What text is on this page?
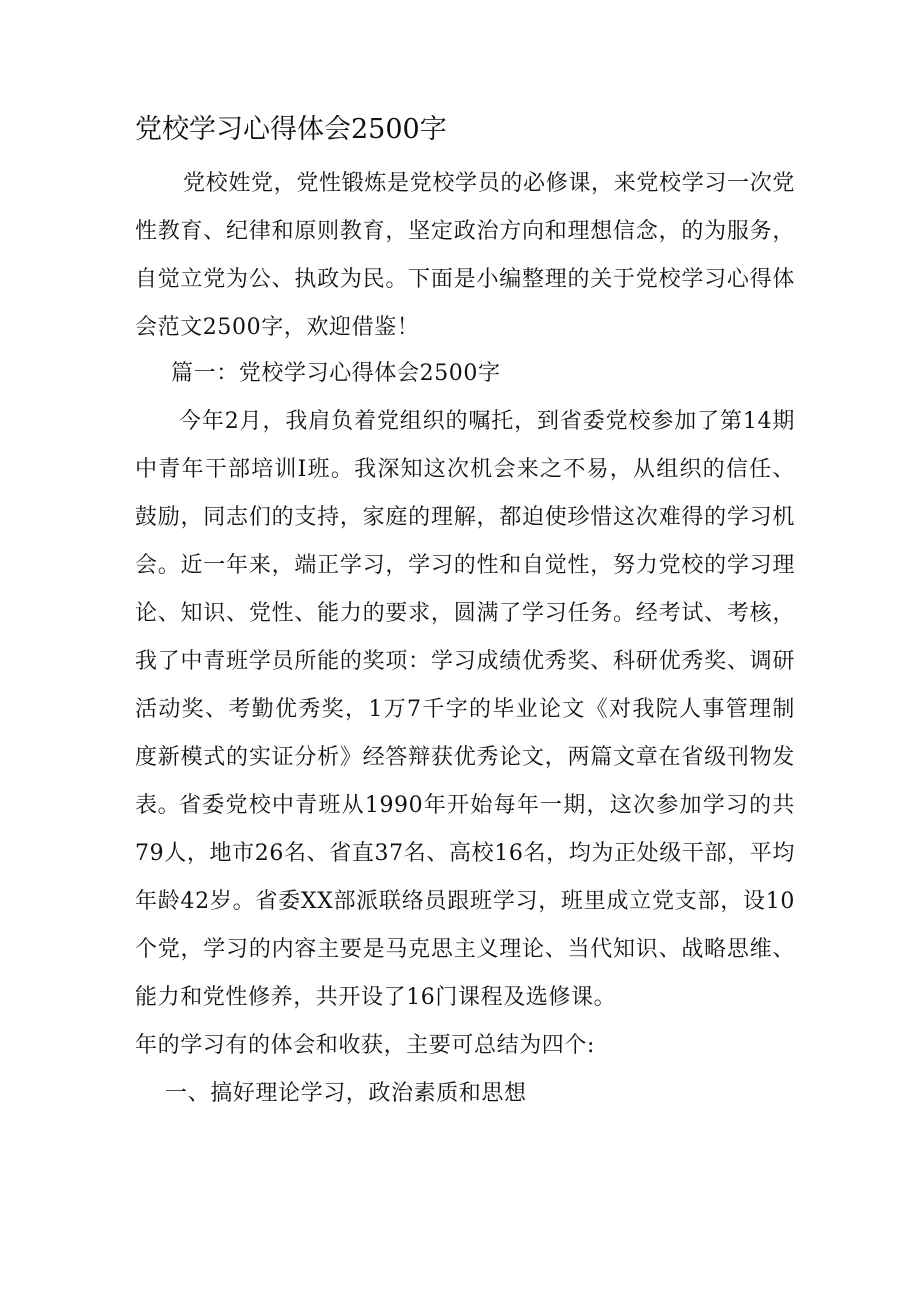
党校学习心得体会2500字

党校姓党，党性锻炼是党校学员的必修课，来党校学习一次党性教育、纪律和原则教育，坚定政治方向和理想信念，的为服务，自觉立党为公、执政为民。下面是小编整理的关于党校学习心得体会范文2500字，欢迎借鉴！

篇一：党校学习心得体会2500字

今年2月，我肩负着党组织的嘱托，到省委党校参加了第14期中青年干部培训Ⅰ班。我深知这次机会来之不易，从组织的信任、鼓励，同志们的支持，家庭的理解，都迫使珍惜这次难得的学习机会。近一年来，端正学习，学习的性和自觉性，努力党校的学习理论、知识、党性、能力的要求，圆满了学习任务。经考试、考核，我了中青班学员所能的奖项：学习成绩优秀奖、科研优秀奖、调研活动奖、考勤优秀奖，1万7千字的毕业论文《对我院人事管理制度新模式的实证分析》经答辩获优秀论文，两篇文章在省级刊物发表。

省委党校中青班从1990年开始每年一期，这次参加学习的共79人，地市26名、省直37名、高校16名，均为正处级干部，平均年龄42岁。省委XX部派联络员跟班学习，班里成立党支部，设10个党，学习的内容主要是马克思主义理论、当代知识、战略思维、能力和党性修养，共开设了16门课程及选修课。

年的学习有的体会和收获，主要可总结为四个:

一、搞好理论学习，政治素质和思想
